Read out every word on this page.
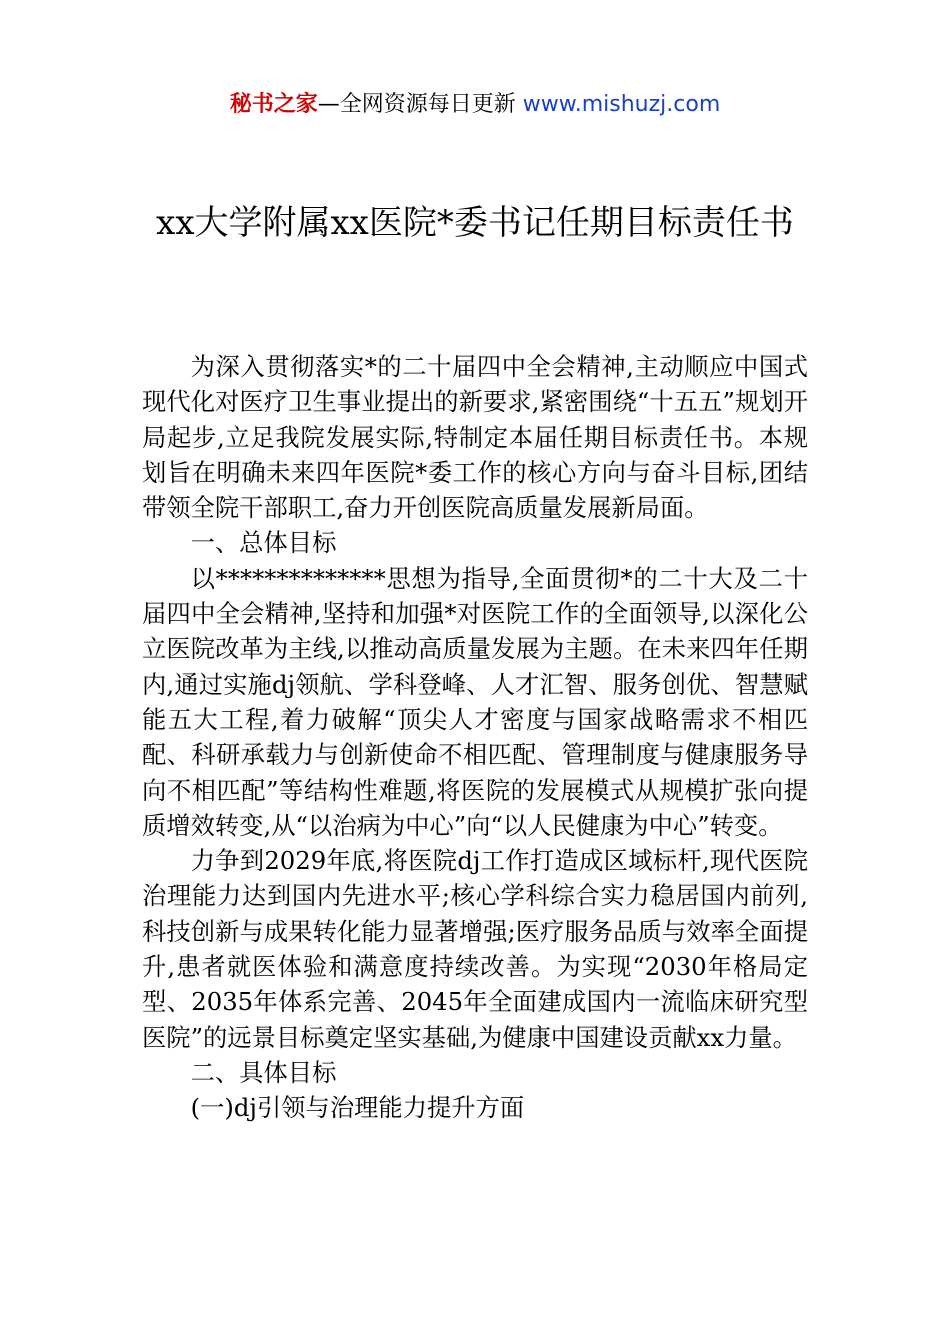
秘书之家—全网资源每日更新 www.mishuzj.com
xx大学附属xx医院*委书记任期目标责任书

为深入贯彻落实*的二十届四中全会精神,主动顺应中国式现代化对医疗卫生事业提出的新要求,紧密围绕“十五五”规划开局起步,立足我院发展实际,特制定本届任期目标责任书。本规划旨在明确未来四年医院*委工作的核心方向与奋斗目标,团结带领全院干部职工,奋力开创医院高质量发展新局面。

一、总体目标

以**************思想为指导,全面贯彻*的二十大及二十届四中全会精神,坚持和加强*对医院工作的全面领导,以深化公立医院改革为主线,以推动高质量发展为主题。在未来四年任期内,通过实施dj领航、学科登峰、人才汇智、服务创优、智慧赋能五大工程,着力破解“顶尖人才密度与国家战略需求不相匹配、科研承载力与创新使命不相匹配、管理制度与健康服务导向不相匹配”等结构性难题,将医院的发展模式从规模扩张向提质增效转变,从“以治病为中心”向“以人民健康为中心”转变。

力争到2029年底,将医院dj工作打造成区域标杆,现代医院治理能力达到国内先进水平;核心学科综合实力稳居国内前列,科技创新与成果转化能力显著增强;医疗服务品质与效率全面提升,患者就医体验和满意度持续改善。为实现“2030年格局定型、2035年体系完善、2045年全面建成国内一流临床研究型医院”的远景目标奠定坚实基础,为健康中国建设贡献xx力量。

二、具体目标

(一)dj引领与治理能力提升方面
